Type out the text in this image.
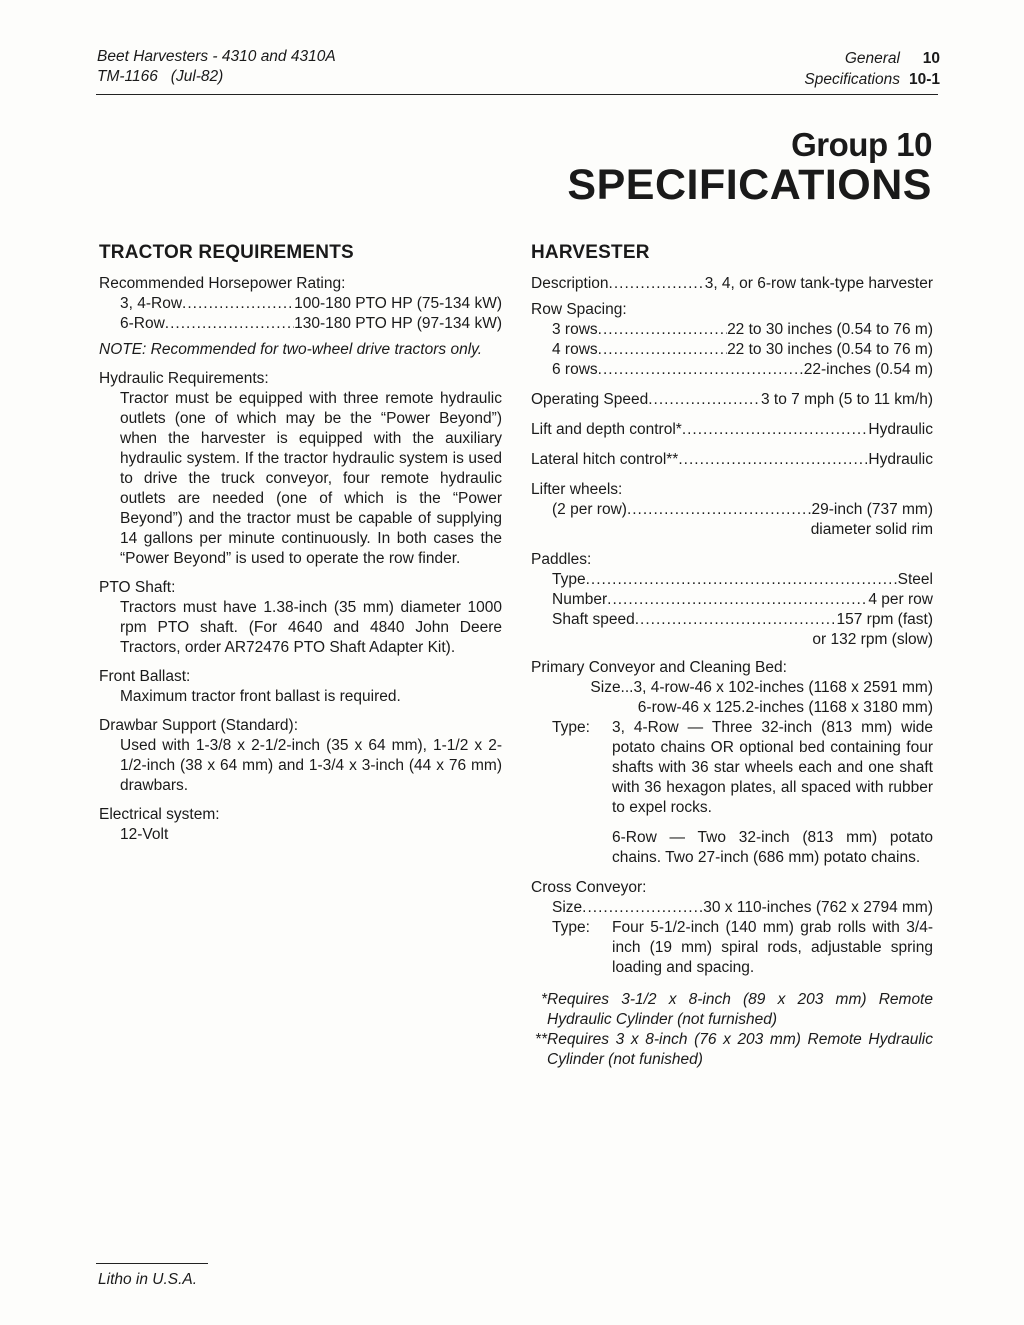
Beet Harvesters - 4310 and 4310A
TM-1166   (Jul-82)
General	10
Specifications 10-1
Group 10
SPECIFICATIONS
TRACTOR REQUIREMENTS
Recommended Horsepower Rating:
3, 4-Row .....	100-180 PTO HP (75-134 kW)
6-Row .....	130-180 PTO HP (97-134 kW)
NOTE: Recommended for two-wheel drive tractors only.
Hydraulic Requirements:
Tractor must be equipped with three remote hydraulic outlets (one of which may be the “Power Beyond”) when the harvester is equipped with the auxiliary hydraulic system. If the tractor hydraulic system is used to drive the truck conveyor, four remote hydraulic outlets are needed (one of which is the “Power Beyond”) and the tractor must be capable of supplying 14 gallons per minute continuously. In both cases the “Power Beyond” is used to operate the row finder.
PTO Shaft:
Tractors must have 1.38-inch (35 mm) diameter 1000 rpm PTO shaft. (For 4640 and 4840 John Deere Tractors, order AR72476 PTO Shaft Adapter Kit).
Front Ballast:
Maximum tractor front ballast is required.
Drawbar Support (Standard):
Used with 1-3/8 x 2-1/2-inch (35 x 64 mm), 1-1/2 x 2-1/2-inch (38 x 64 mm) and 1-3/4 x 3-inch (44 x 76 mm) drawbars.
Electrical system:
12-Volt
HARVESTER
Description .....	3, 4, or 6-row tank-type harvester
Row Spacing:
3 rows .....	22 to 30 inches (0.54 to 76 m)
4 rows .....	22 to 30 inches (0.54 to 76 m)
6 rows .....	22-inches (0.54 m)
Operating Speed .....	3 to 7 mph (5 to 11 km/h)
Lift and depth control* .....	Hydraulic
Lateral hitch control** .....	Hydraulic
Lifter wheels:
(2 per row) .....	29-inch (737 mm)
diameter solid rim
Paddles:
Type .....	Steel
Number .....	4 per row
Shaft speed .....	157 rpm (fast)
or 132 rpm (slow)
Primary Conveyor and Cleaning Bed:
Size...3, 4-row-46 x 102-inches (1168 x 2591 mm)
6-row-46 x 125.2-inches (1168 x 3180 mm)
Type:	3, 4-Row — Three 32-inch (813 mm) wide potato chains OR optional bed containing four shafts with 36 star wheels each and one shaft with 36 hexagon plates, all spaced with rubber to expel rocks.
6-Row — Two 32-inch (813 mm) potato chains. Two 27-inch (686 mm) potato chains.
Cross Conveyor:
Size .....	30 x 110-inches (762 x 2794 mm)
Type:	Four 5-1/2-inch (140 mm) grab rolls with 3/4-inch (19 mm) spiral rods, adjustable spring loading and spacing.
* Requires 3-1/2 x 8-inch (89 x 203 mm) Remote Hydraulic Cylinder (not furnished)
** Requires 3 x 8-inch (76 x 203 mm) Remote Hydraulic Cylinder (not funished)
Litho in U.S.A.
